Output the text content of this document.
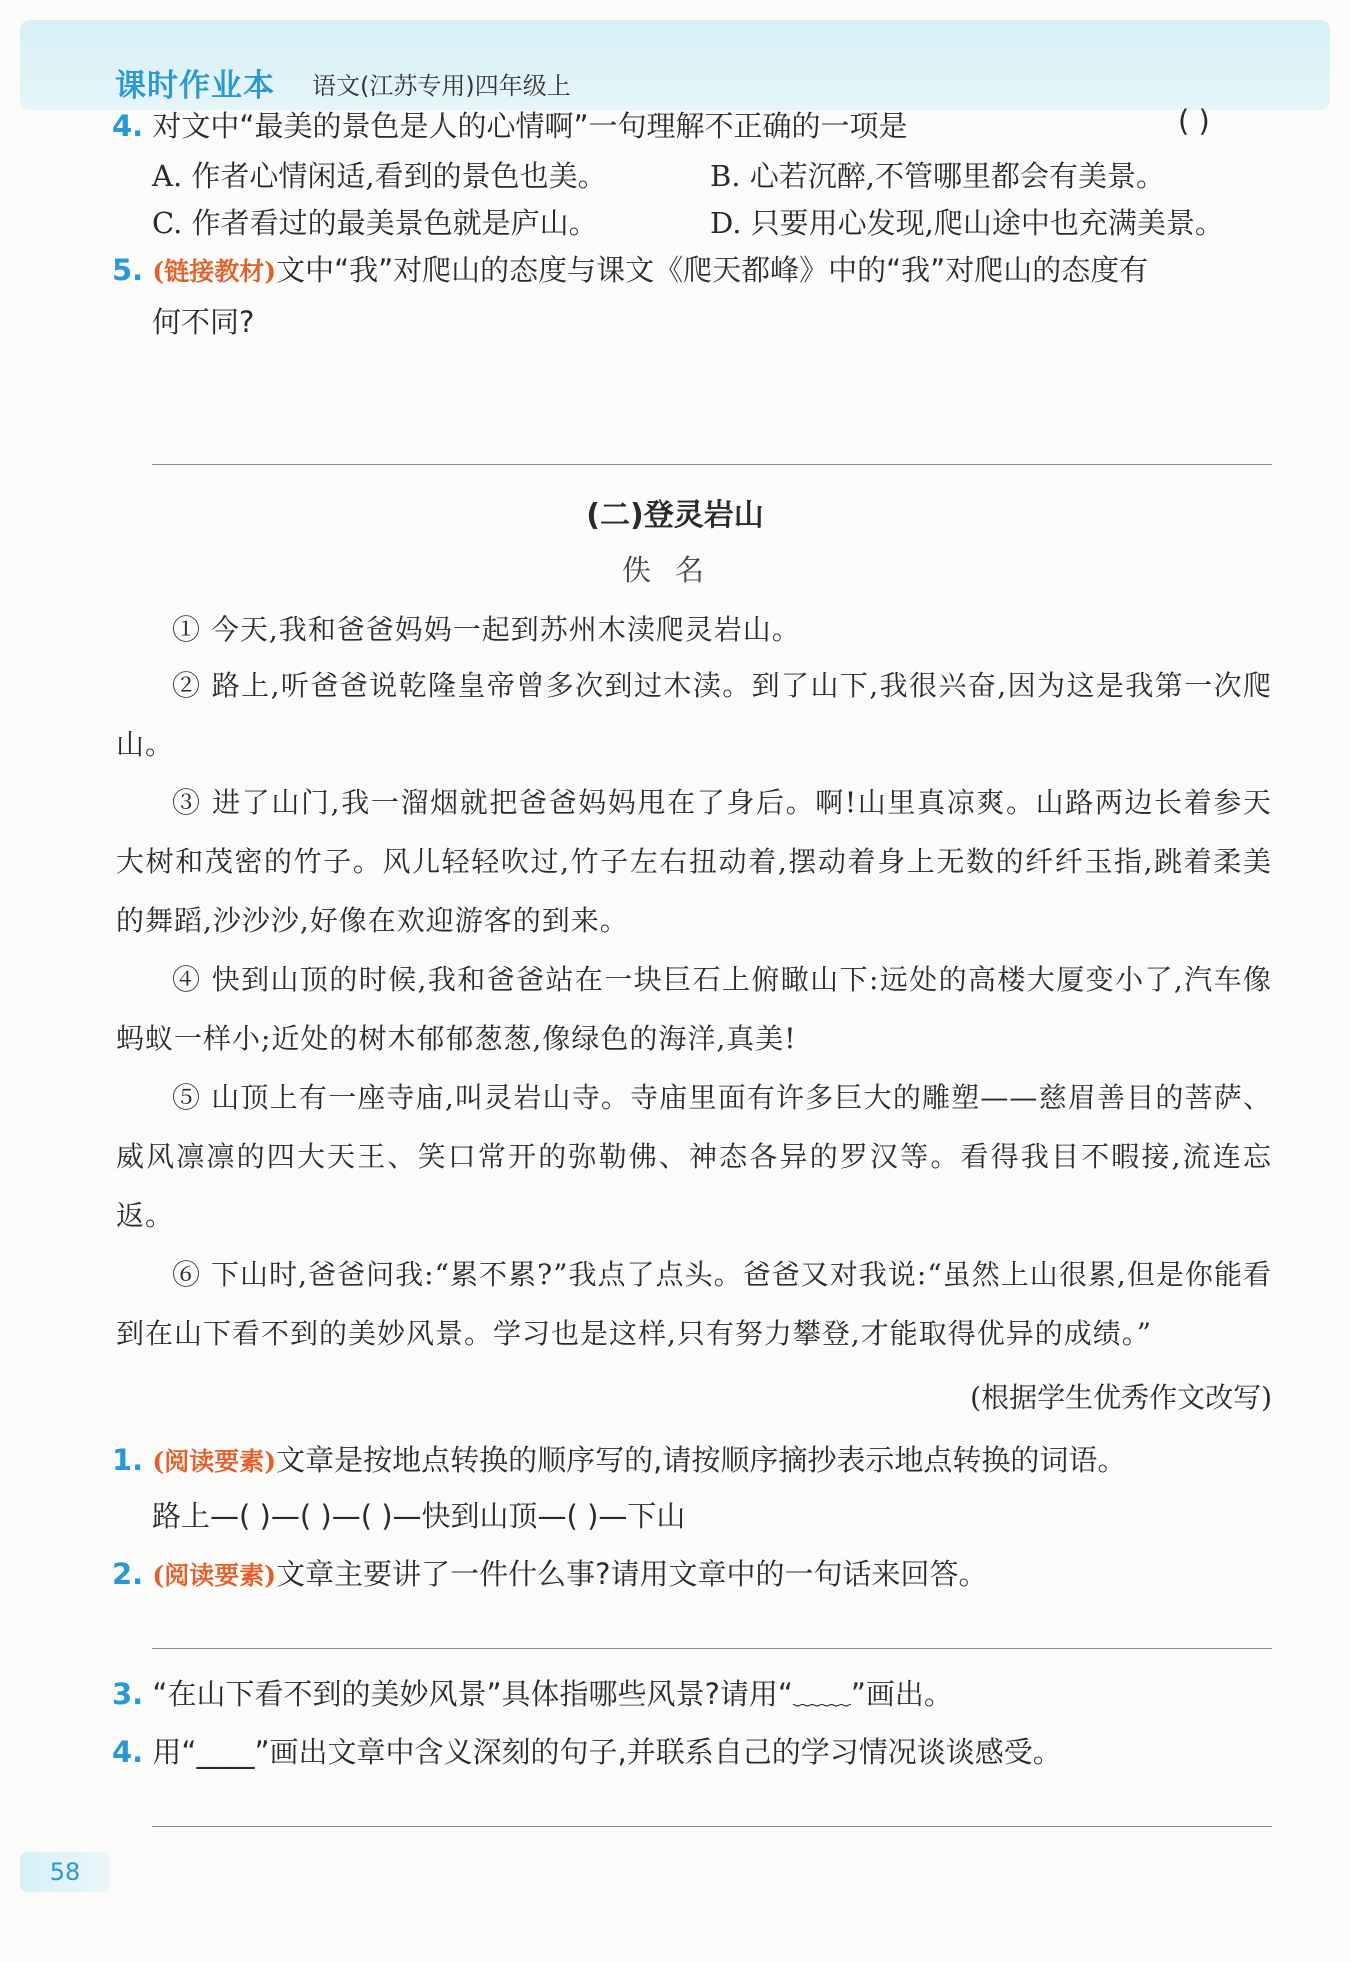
课时作业本 语文(江苏专用)四年级上
4. 对文中“最美的景色是人的心情啊”一句理解不正确的一项是	( )
A. 作者心情闲适,看到的景色也美。	B. 心若沉醉,不管哪里都会有美景。
C. 作者看过的最美景色就是庐山。	D. 只要用心发现,爬山途中也充满美景。
5. (链接教材)文中“我”对爬山的态度与课文《爬天都峰》中的“我”对爬山的态度有
何不同?
(二)登灵岩山
佚名
① 今天,我和爸爸妈妈一起到苏州木渎爬灵岩山。
② 路上,听爸爸说乾隆皇帝曾多次到过木渎。到了山下,我很兴奋,因为这是我第一次爬山。
③ 进了山门,我一溜烟就把爸爸妈妈甩在了身后。啊!山里真凉爽。山路两边长着参天大树和茂密的竹子。风儿轻轻吹过,竹子左右扭动着,摆动着身上无数的纤纤玉指,跳着柔美的舞蹈,沙沙沙,好像在欢迎游客的到来。
④ 快到山顶的时候,我和爸爸站在一块巨石上俯瞰山下:远处的高楼大厦变小了,汽车像蚂蚁一样小;近处的树木郁郁葱葱,像绿色的海洋,真美!
⑤ 山顶上有一座寺庙,叫灵岩山寺。寺庙里面有许多巨大的雕塑——慈眉善目的菩萨、威风凛凛的四大天王、笑口常开的弥勒佛、神态各异的罗汉等。看得我目不暇接,流连忘返。
⑥ 下山时,爸爸问我:“累不累?”我点了点头。爸爸又对我说:“虽然上山很累,但是你能看到在山下看不到的美妙风景。学习也是这样,只有努力攀登,才能取得优异的成绩。”
(根据学生优秀作文改写)
1. (阅读要素)文章是按地点转换的顺序写的,请按顺序摘抄表示地点转换的词语。
路上—( )—( )—( )—快到山顶—( )—下山
2. (阅读要素)文章主要讲了一件什么事?请用文章中的一句话来回答。
3. “在山下看不到的美妙风景”具体指哪些风景?请用“﹏﹏”画出。
4. 用“____”画出文章中含义深刻的句子,并联系自己的学习情况谈谈感受。
58
